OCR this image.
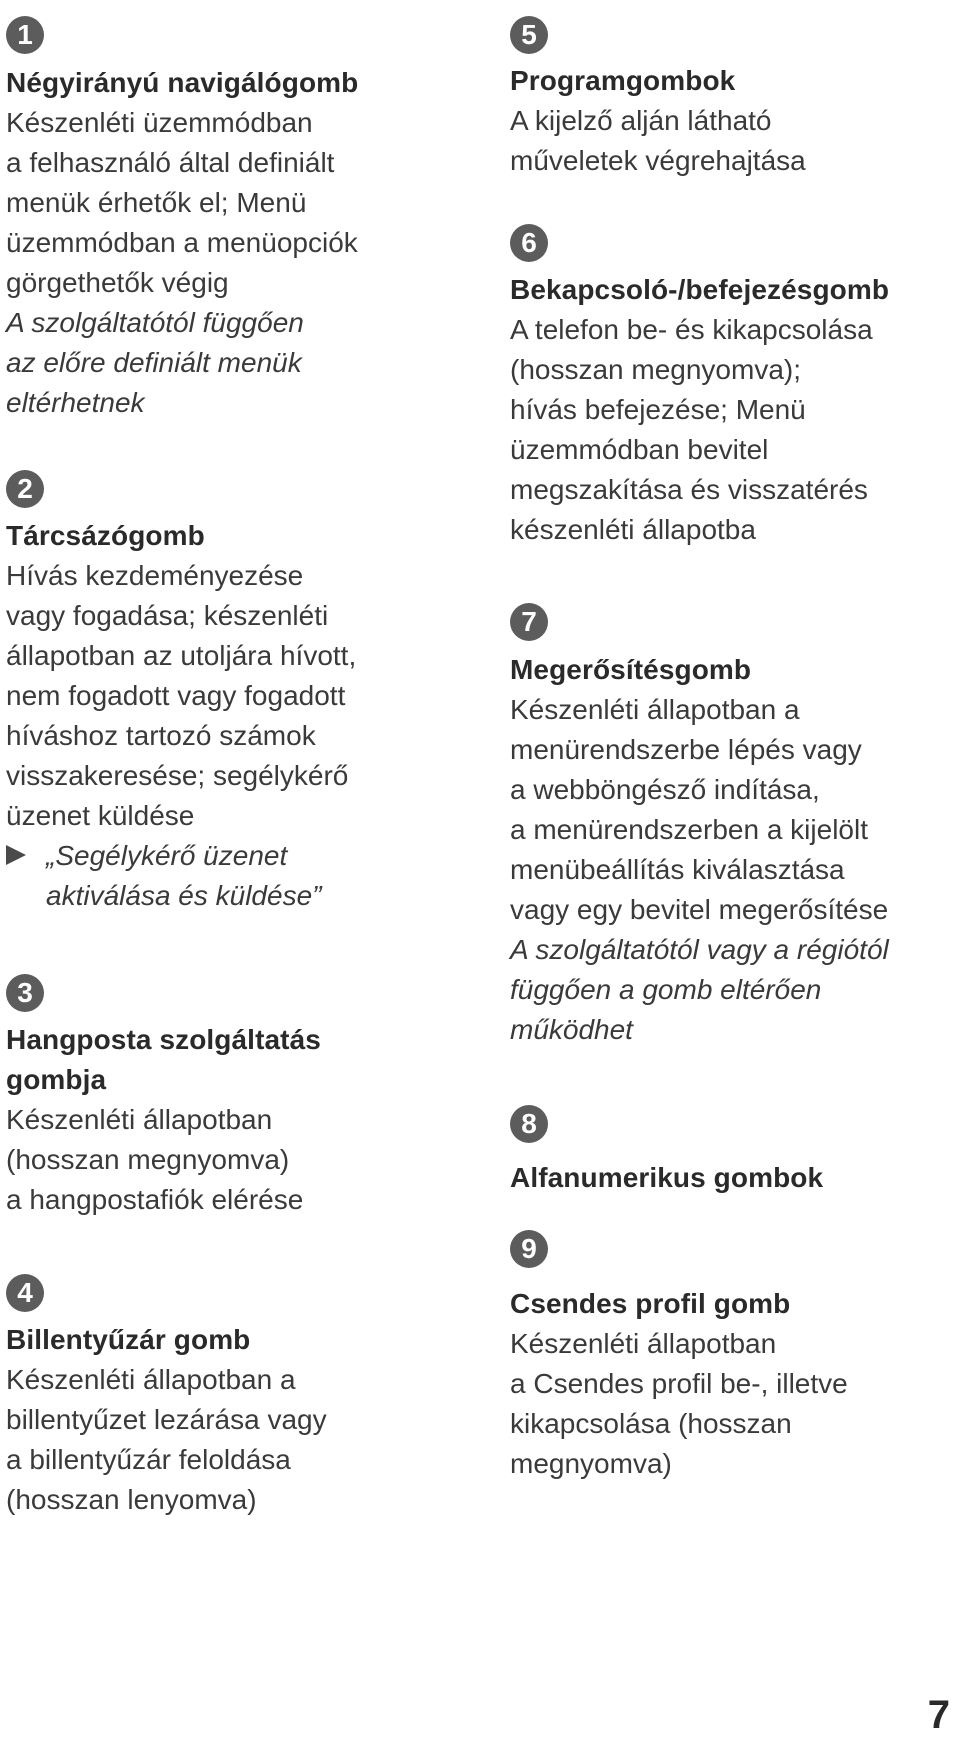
1
Négyirányú navigálógomb
Készenléti üzemmódban
a felhasználó által definiált
menük érhetők el; Menü
üzemmódban a menüopciók
görgethetők végig
A szolgáltatótól függően
az előre definiált menük
eltérhetnek
2
Tárcsázógomb
Hívás kezdeményezése
vagy fogadása; készenléti
állapotban az utoljára hívott,
nem fogadott vagy fogadott
híváshoz tartozó számok
visszakeresése; segélykérő
üzenet küldése
„Segélykérő üzenet
aktiválása és küldése”
3
Hangposta szolgáltatás
gombja
Készenléti állapotban
(hosszan megnyomva)
a hangpostafiók elérése
4
Billentyűzár gomb
Készenléti állapotban a
billentyűzet lezárása vagy
a billentyűzár feloldása
(hosszan lenyomva)
5
Programgombok
A kijelző alján látható
műveletek végrehajtása
6
Bekapcsoló-/befejezésgomb
A telefon be- és kikapcsolása
(hosszan megnyomva);
hívás befejezése; Menü
üzemmódban bevitel
megszakítása és visszatérés
készenléti állapotba
7
Megerősítésgomb
Készenléti állapotban a
menürendszerbe lépés vagy
a webböngésző indítása,
a menürendszerben a kijelölt
menübeállítás kiválasztása
vagy egy bevitel megerősítése
A szolgáltatótól vagy a régiótól
függően a gomb eltérően
működhet
8
Alfanumerikus gombok
9
Csendes profil gomb
Készenléti állapotban
a Csendes profil be-, illetve
kikapcsolása (hosszan
megnyomva)
7
